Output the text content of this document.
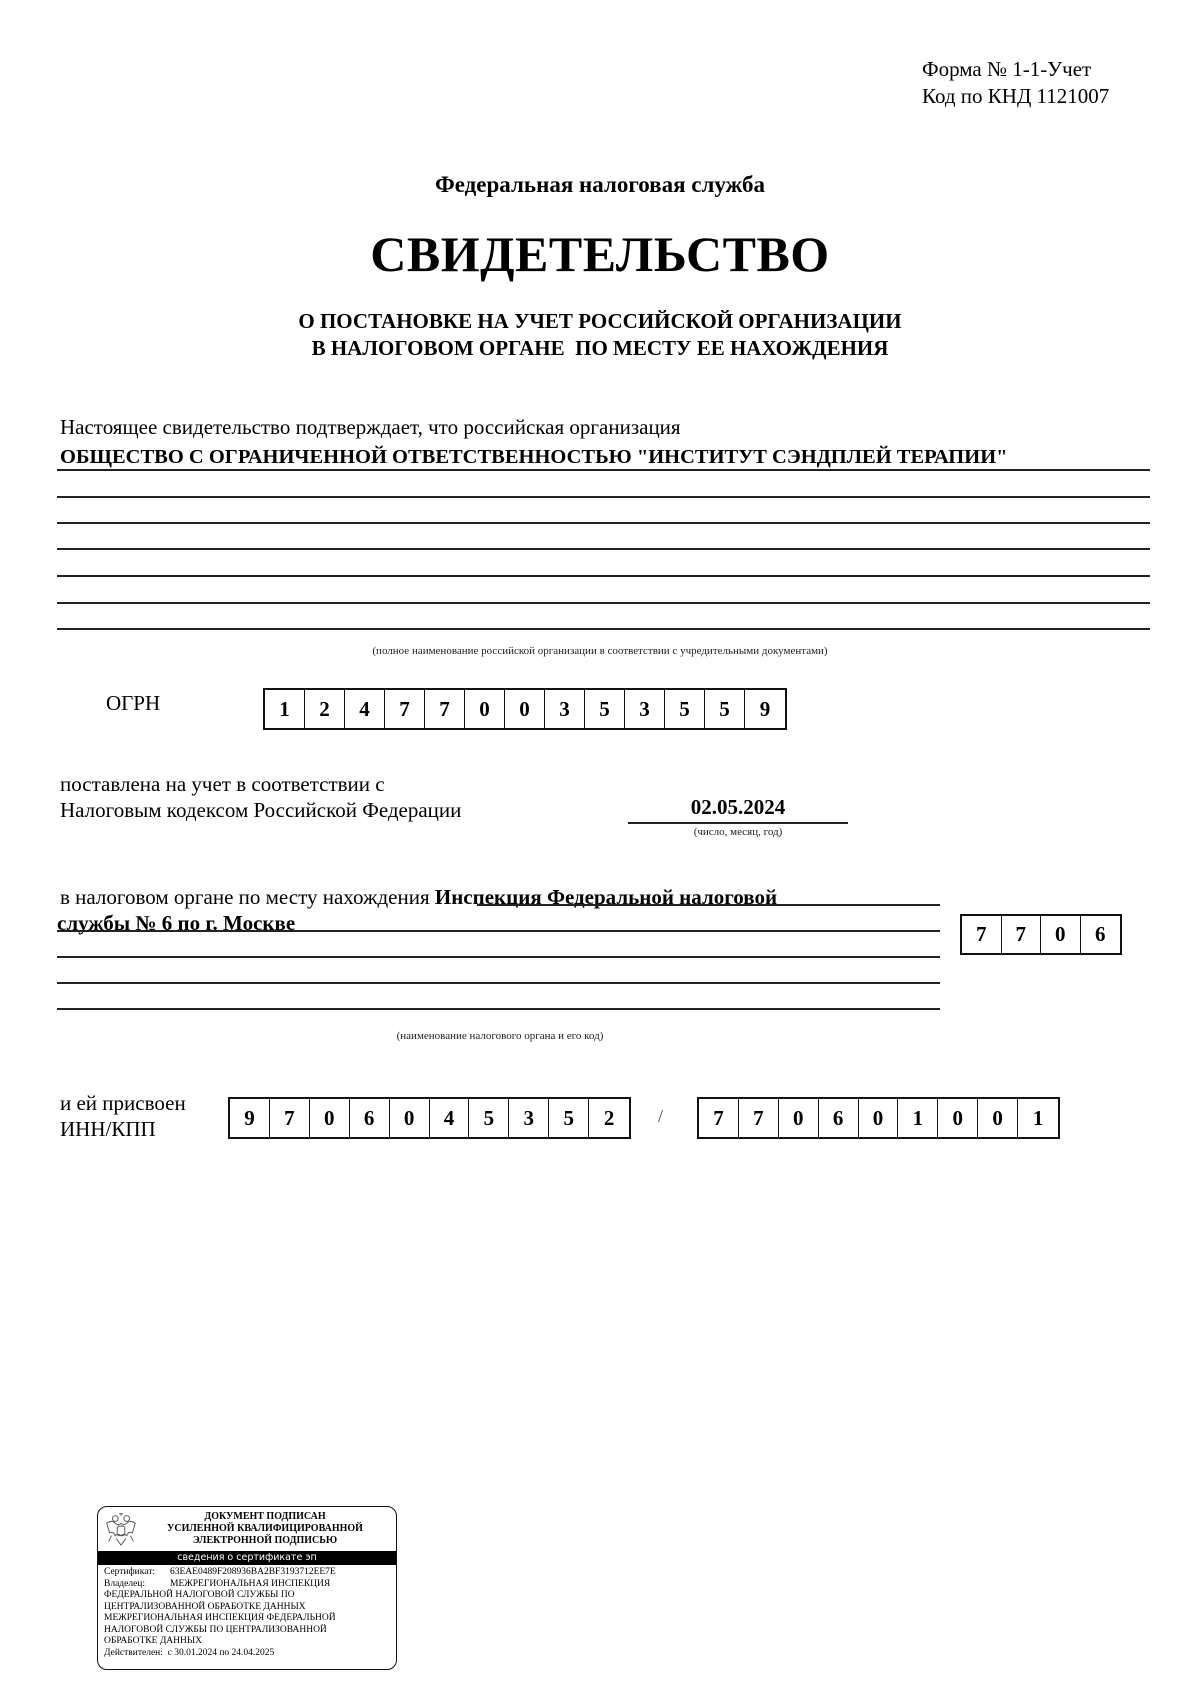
Форма № 1-1-Учет
Код по КНД 1121007
Федеральная налоговая служба
СВИДЕТЕЛЬСТВО
О ПОСТАНОВКЕ НА УЧЕТ РОССИЙСКОЙ ОРГАНИЗАЦИИ
В НАЛОГОВОМ ОРГАНЕ  ПО МЕСТУ ЕЕ НАХОЖДЕНИЯ
Настоящее свидетельство подтверждает, что российская организация
ОБЩЕСТВО С ОГРАНИЧЕННОЙ ОТВЕТСТВЕННОСТЬЮ "ИНСТИТУТ СЭНДПЛЕЙ ТЕРАПИИ"
(полное наименование российской организации в соответствии с учредительными документами)
ОГРН	1	2	4	7	7	0	0	3	5	3	5	5	9
поставлена на учет в соответствии с
Налоговым кодексом Российской Федерации	02.05.2024
(число, месяц, год)
в налоговом органе по месту нахождения Инспекция Федеральной налоговой
службы № 6 по г. Москве	7	7	0	6
(наименование налогового органа и его код)
и ей присвоен
ИНН/КПП	9	7	0	6	0	4	5	3	5	2	/	7	7	0	6	0	1	0	0	1
ДОКУМЕНТ ПОДПИСАН
УСИЛЕННОЙ КВАЛИФИЦИРОВАННОЙ
ЭЛЕКТРОННОЙ ПОДПИСЬЮ
сведения о сертификате эп
Сертификат: 63EAE0489F208936BA2BF3193712EE7E
Владелец:	МЕЖРЕГИОНАЛЬНАЯ ИНСПЕКЦИЯ
ФЕДЕРАЛЬНОЙ НАЛОГОВОЙ СЛУЖБЫ ПО
ЦЕНТРАЛИЗОВАННОЙ ОБРАБОТКЕ ДАННЫХ
МЕЖРЕГИОНАЛЬНАЯ ИНСПЕКЦИЯ ФЕДЕРАЛЬНОЙ
НАЛОГОВОЙ СЛУЖБЫ ПО ЦЕНТРАЛИЗОВАННОЙ
ОБРАБОТКЕ ДАННЫХ
Действителен:  с 30.01.2024 по 24.04.2025
